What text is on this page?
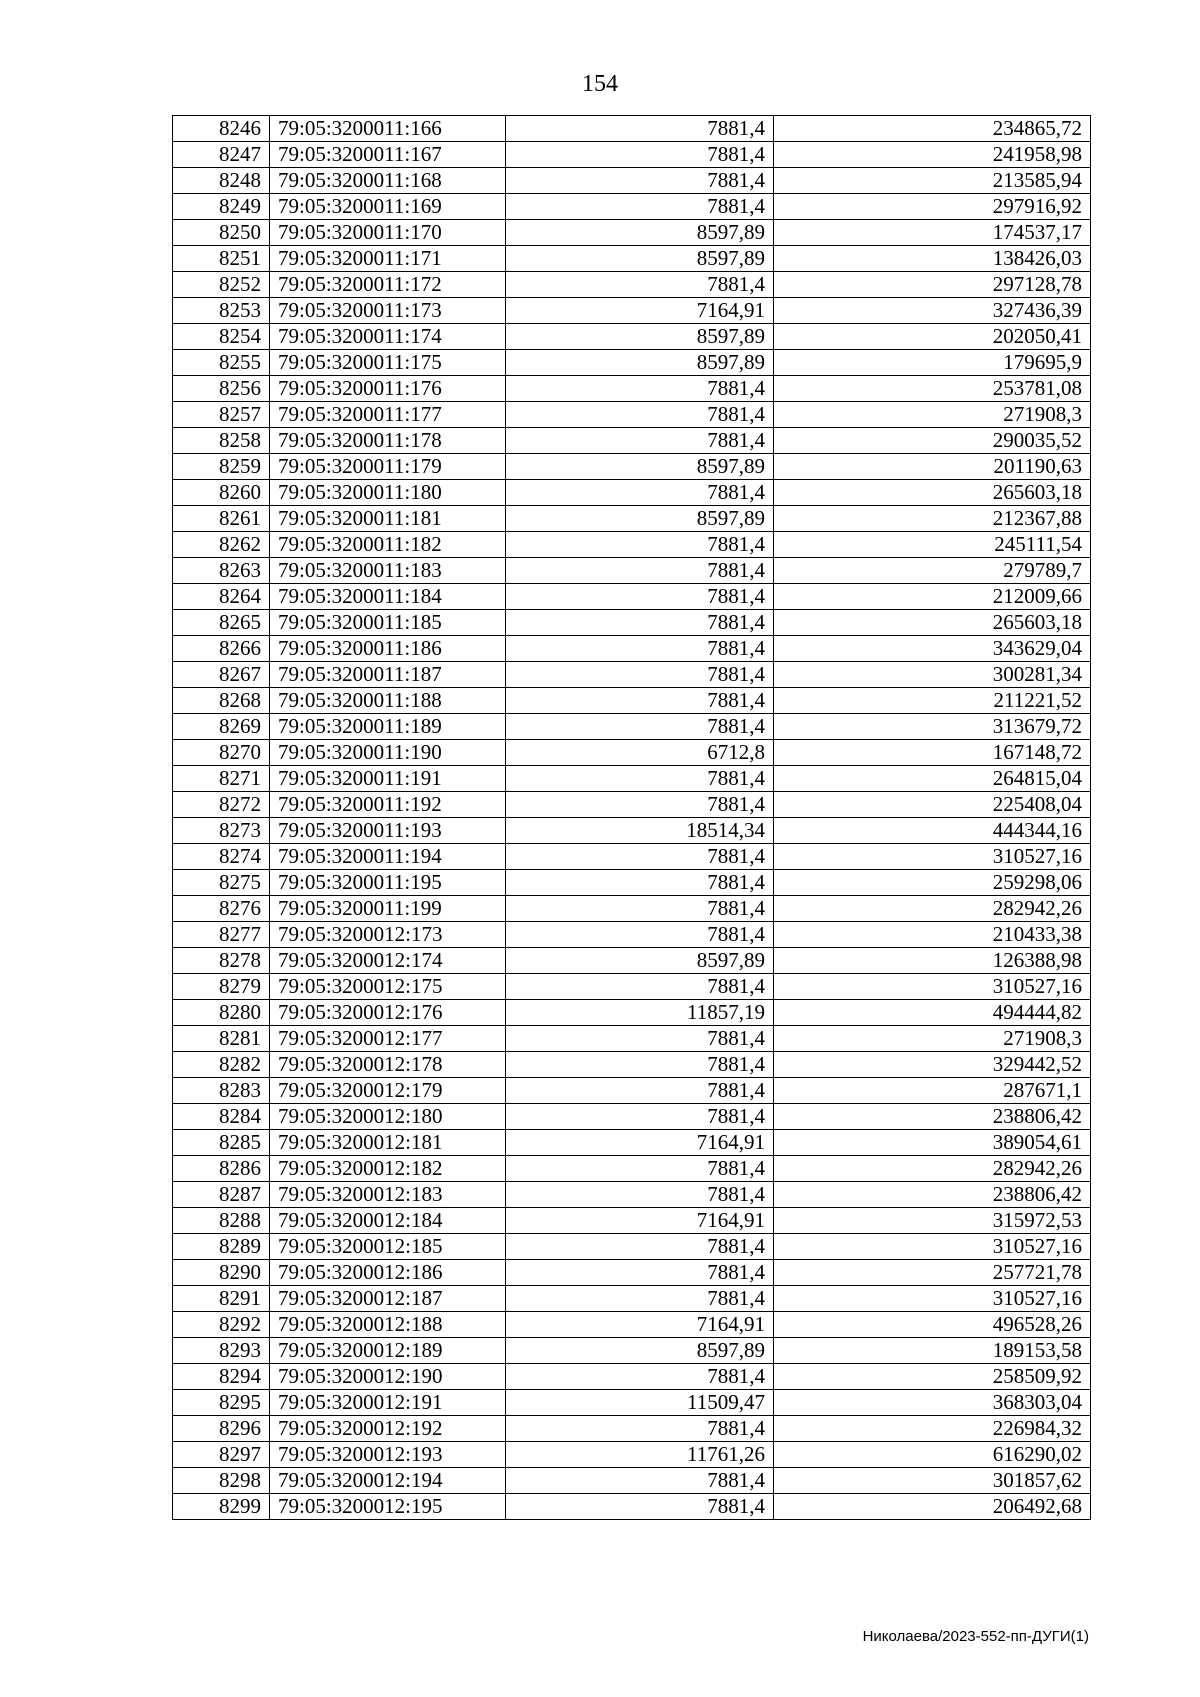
154
8246	79:05:3200011:166	7881,4	234865,72
8247	79:05:3200011:167	7881,4	241958,98
8248	79:05:3200011:168	7881,4	213585,94
8249	79:05:3200011:169	7881,4	297916,92
8250	79:05:3200011:170	8597,89	174537,17
8251	79:05:3200011:171	8597,89	138426,03
8252	79:05:3200011:172	7881,4	297128,78
8253	79:05:3200011:173	7164,91	327436,39
8254	79:05:3200011:174	8597,89	202050,41
8255	79:05:3200011:175	8597,89	179695,9
8256	79:05:3200011:176	7881,4	253781,08
8257	79:05:3200011:177	7881,4	271908,3
8258	79:05:3200011:178	7881,4	290035,52
8259	79:05:3200011:179	8597,89	201190,63
8260	79:05:3200011:180	7881,4	265603,18
8261	79:05:3200011:181	8597,89	212367,88
8262	79:05:3200011:182	7881,4	245111,54
8263	79:05:3200011:183	7881,4	279789,7
8264	79:05:3200011:184	7881,4	212009,66
8265	79:05:3200011:185	7881,4	265603,18
8266	79:05:3200011:186	7881,4	343629,04
8267	79:05:3200011:187	7881,4	300281,34
8268	79:05:3200011:188	7881,4	211221,52
8269	79:05:3200011:189	7881,4	313679,72
8270	79:05:3200011:190	6712,8	167148,72
8271	79:05:3200011:191	7881,4	264815,04
8272	79:05:3200011:192	7881,4	225408,04
8273	79:05:3200011:193	18514,34	444344,16
8274	79:05:3200011:194	7881,4	310527,16
8275	79:05:3200011:195	7881,4	259298,06
8276	79:05:3200011:199	7881,4	282942,26
8277	79:05:3200012:173	7881,4	210433,38
8278	79:05:3200012:174	8597,89	126388,98
8279	79:05:3200012:175	7881,4	310527,16
8280	79:05:3200012:176	11857,19	494444,82
8281	79:05:3200012:177	7881,4	271908,3
8282	79:05:3200012:178	7881,4	329442,52
8283	79:05:3200012:179	7881,4	287671,1
8284	79:05:3200012:180	7881,4	238806,42
8285	79:05:3200012:181	7164,91	389054,61
8286	79:05:3200012:182	7881,4	282942,26
8287	79:05:3200012:183	7881,4	238806,42
8288	79:05:3200012:184	7164,91	315972,53
8289	79:05:3200012:185	7881,4	310527,16
8290	79:05:3200012:186	7881,4	257721,78
8291	79:05:3200012:187	7881,4	310527,16
8292	79:05:3200012:188	7164,91	496528,26
8293	79:05:3200012:189	8597,89	189153,58
8294	79:05:3200012:190	7881,4	258509,92
8295	79:05:3200012:191	11509,47	368303,04
8296	79:05:3200012:192	7881,4	226984,32
8297	79:05:3200012:193	11761,26	616290,02
8298	79:05:3200012:194	7881,4	301857,62
8299	79:05:3200012:195	7881,4	206492,68
Николаева/2023-552-пп-ДУГИ(1)
